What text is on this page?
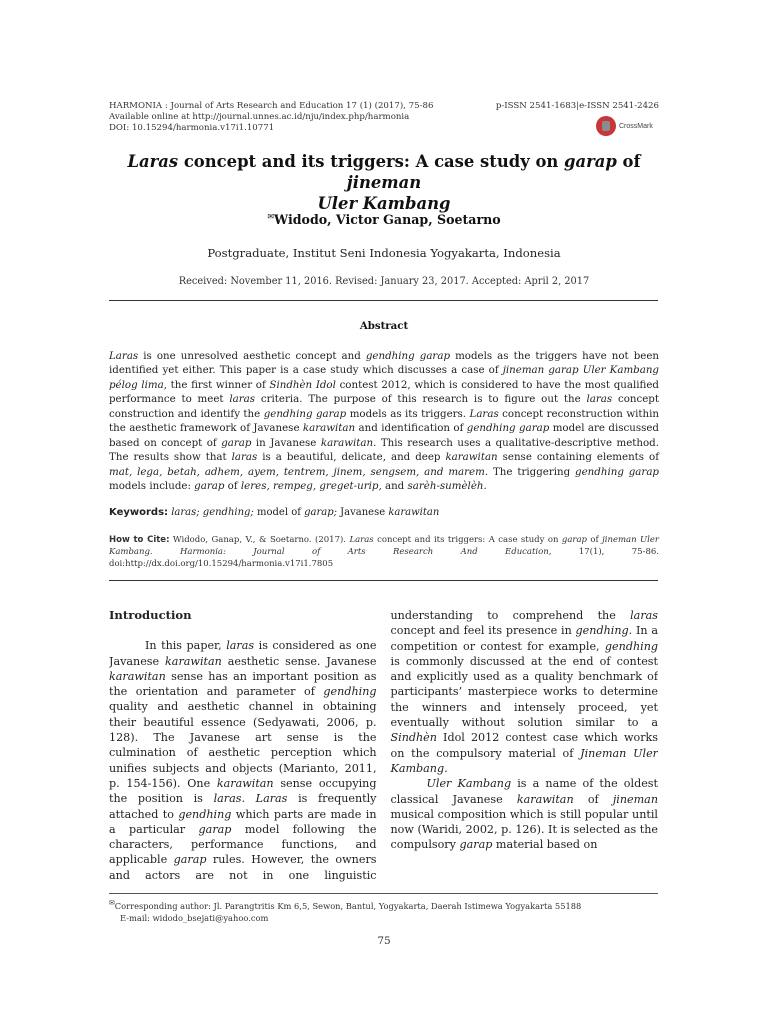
HARMONIA : Journal of Arts Research and Education 17 (1) (2017), 75-86
Available online at http://journal.unnes.ac.id/nju/index.php/harmonia
DOI: 10.15294/harmonia.v17i1.10771
p-ISSN 2541-1683|e-ISSN 2541-2426
CrossMark
Laras concept and its triggers: A case study on garap of jineman
Uler Kambang
✉Widodo, Victor Ganap, Soetarno
Postgraduate, Institut Seni Indonesia Yogyakarta, Indonesia
Received: November 11, 2016. Revised: January 23, 2017. Accepted: April 2, 2017
Abstract

Laras is one unresolved aesthetic concept and gendhing garap models as the triggers have not been identified yet either. This paper is a case study which discusses a case of jineman garap Uler Kambang pélog lima, the first winner of Sindhèn Idol contest 2012, which is considered to have the most qualified performance to meet laras criteria. The purpose of this research is to figure out the laras concept construction and identify the gendhing garap models as its triggers. Laras concept reconstruction within the aesthetic framework of Javanese karawitan and identification of gendhing garap model are discussed based on concept of garap in Javanese karawitan. This research uses a qualitative-descriptive method. The results show that laras is a beautiful, delicate, and deep karawitan sense containing elements of mat, lega, betah, adhem, ayem, tentrem, jinem, sengsem, and marem. The triggering gendhing garap models include: garap of leres, rempeg, greget-urip, and sarèh-sumèlèh.

Keywords: laras; gendhing; model of garap; Javanese karawitan
How to Cite: Widodo, Ganap, V., & Soetarno. (2017). Laras concept and its triggers: A case study on garap of jineman Uler Kambang. Harmonia: Journal of Arts Research And Education, 17(1), 75-86. doi:http://dx.doi.org/10.15294/harmonia.v17i1.7805

Introduction

In this paper, laras is considered as one Javanese karawitan aesthetic sense. Javanese karawitan sense has an important position as the orientation and parameter of gendhing quality and aesthetic channel in obtaining their beautiful essence (Sedyawati, 2006, p. 128). The Javanese art sense is the culmination of aesthetic perception which unifies subjects and objects (Marianto, 2011, p. 154-156). One karawitan sense occupying the position is laras. Laras is frequently attached to gendhing which parts are made in a particular garap model following the characters, performance functions, and applicable garap rules. However, the owners and actors are not in one linguistic understanding to comprehend the laras concept and feel its presence in gendhing. In a competition or contest for example, gendhing is commonly discussed at the end of contest and explicitly used as a quality benchmark of participants’ masterpiece works to determine the winners and intensely proceed, yet eventually without solution similar to a Sindhèn Idol 2012 contest case which works on the compulsory material of Jineman Uler Kambang.

Uler Kambang is a name of the oldest classical Javanese karawitan of jineman musical composition which is still popular until now (Waridi, 2002, p. 126). It is selected as the compulsory garap material based on

✉Corresponding author: Jl. Parangtritis Km 6,5, Sewon, Bantul, Yogyakarta, Daerah Istimewa Yogyakarta 55188
E-mail: widodo_bsejati@yahoo.com
75
